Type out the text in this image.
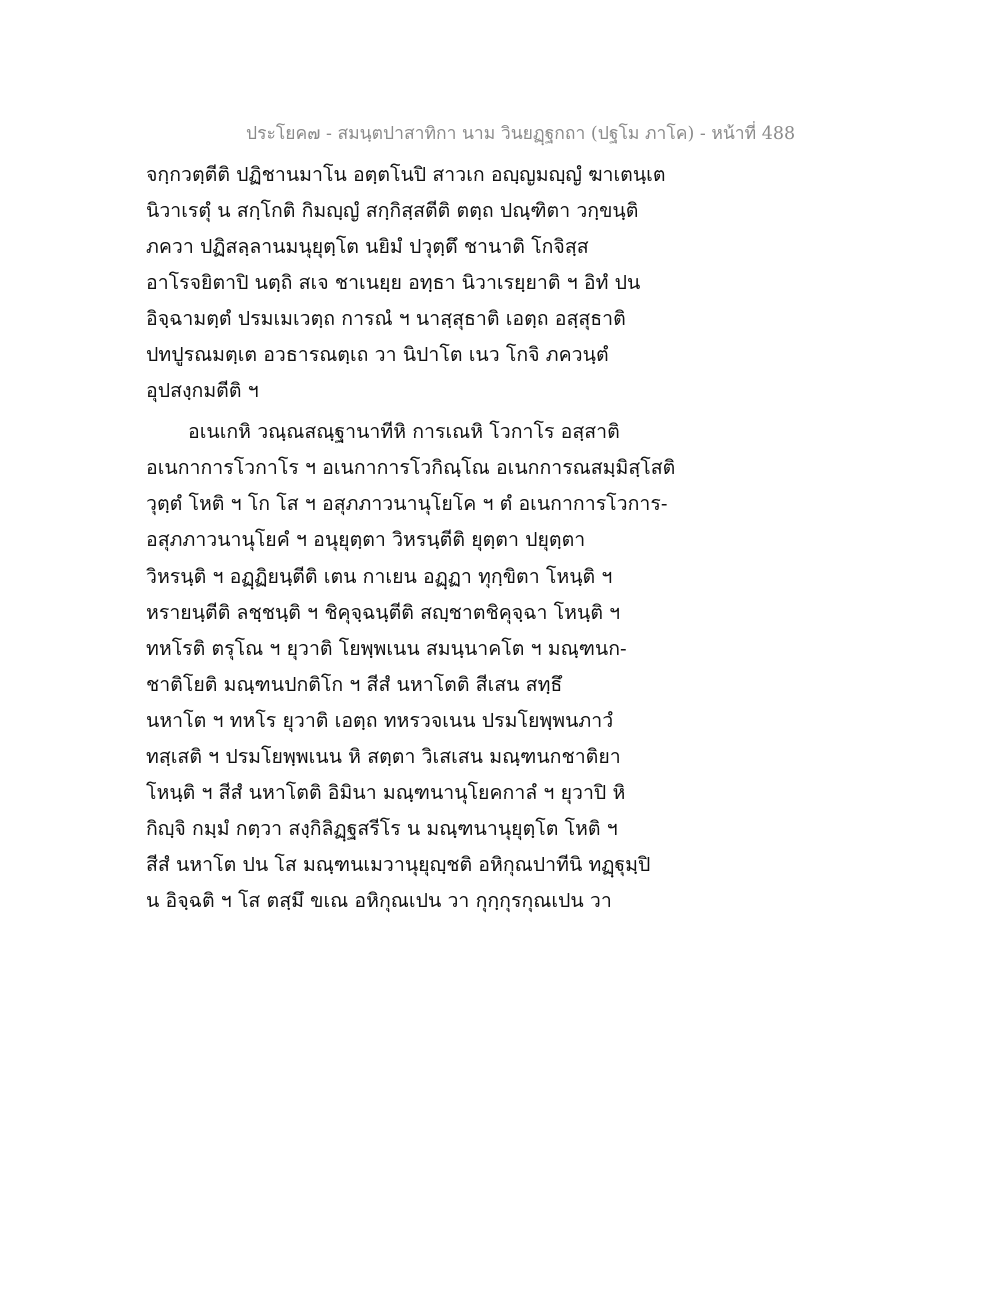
ประโยค๗ - สมนฺตปาสาทิกา นาม วินยฏฺฐกถา (ปฐโม ภาโค) - หน้าที่ 488
จกฺกวตฺตีติ ปฏิชานมาโน อตฺตโนปิ สาวเก อญฺญมญฺญํ ฆาเตนฺเต
นิวาเรตุํ น สกฺโกติ กิมญฺญํ สกฺกิสฺสตีติ ตตฺถ ปณฺฑิตา วกฺขนฺติ
ภควา ปฏิสลฺลานมนุยุตฺโต นยิมํ ปวุตฺตึ ชานาติ โกจิสฺส
อาโรจยิตาปิ นตฺถิ สเจ ชาเนยฺย อทฺธา นิวาเรยฺยาติ ฯ อิทํ ปน
อิจฺฉามตฺตํ ปรมเมเวตฺถ การณํ ฯ นาสฺสุธาติ เอตฺถ อสฺสุธาติ
ปทปูรณมตฺเต อวธารณตฺเถ วา นิปาโต เนว โกจิ ภควนฺตํ
อุปสงฺกมตีติ ฯ
อเนเกหิ วณฺณสณฺฐานาทีหิ การเณหิ โวกาโร อสฺสาติ
อเนกาการโวกาโร ฯ อเนกาการโวกิณฺโณ อเนกการณสมฺมิสฺโสติ
วุตฺตํ โหติ ฯ โก โส ฯ อสุภภาวนานุโยโค ฯ ตํ อเนกาการโวการ-
อสุภภาวนานุโยคํ ฯ อนุยุตฺตา วิหรนฺตีติ ยุตฺตา ปยุตฺตา
วิหรนฺติ ฯ อฏฺฏิยนฺตีติ เตน กาเยน อฏฺฏา ทุกฺขิตา โหนฺติ ฯ
หรายนฺตีติ ลชฺชนฺติ ฯ ชิคุจฺฉนฺตีติ สญฺชาตชิคุจฺฉา โหนฺติ ฯ
ทหโรติ ตรุโณ ฯ ยุวาติ โยพฺพเนน สมนฺนาคโต ฯ มณฺฑนก-
ชาติโยติ มณฺฑนปกติโก ฯ สีสํ นหาโตติ สีเสน สทฺธึ
นหาโต ฯ ทหโร ยุวาติ เอตฺถ ทหรวจเนน ปรมโยพฺพนภาวํ
ทสฺเสติ ฯ ปรมโยพฺพเนน หิ สตฺตา วิเสเสน มณฺฑนกชาติยา
โหนฺติ ฯ สีสํ นหาโตติ อิมินา มณฺฑนานุโยคกาลํ ฯ ยุวาปิ หิ
กิญฺจิ กมฺมํ กตฺวา สงฺกิลิฏฺฐสรีโร น มณฺฑนานุยุตฺโต โหติ ฯ
สีสํ นหาโต ปน โส มณฺฑนเมวานุยุญฺชติ อหิกุณปาทีนิ ทฏฺฐุมฺปิ
น อิจฺฉติ ฯ โส ตสฺมึ ขเณ อหิกุณเปน วา กุกฺกุรกุณเปน วา
